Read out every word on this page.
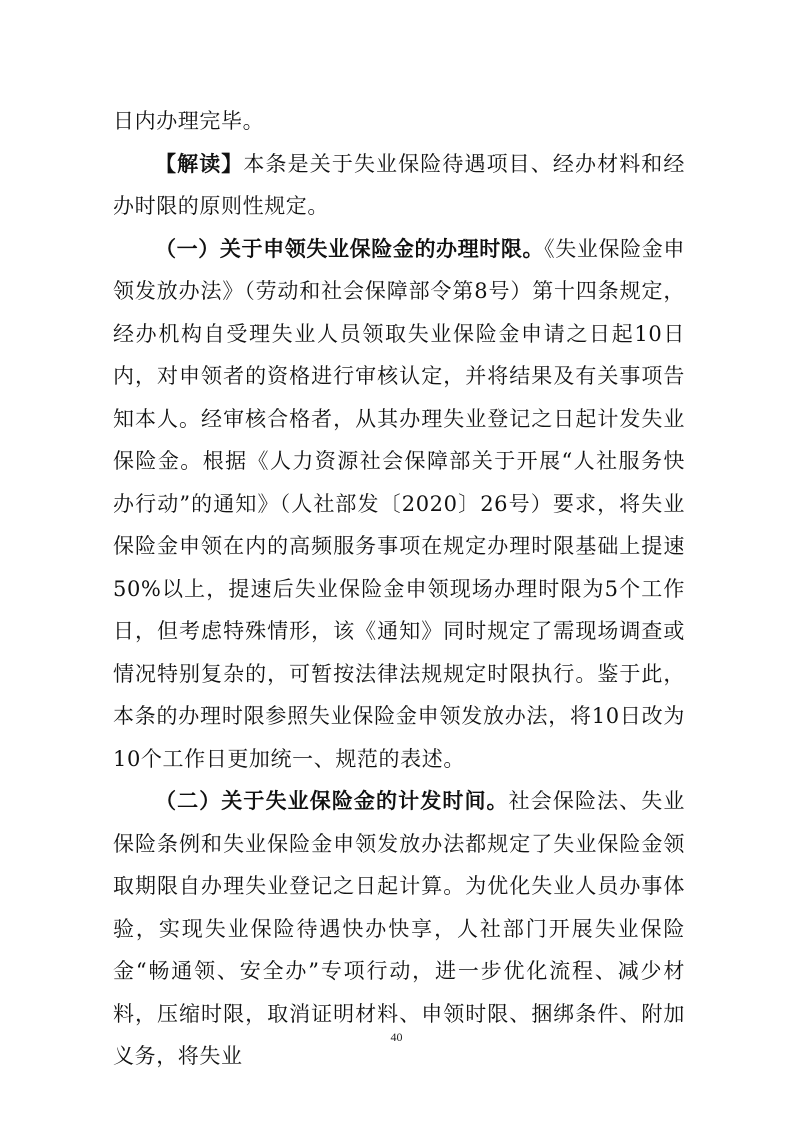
日内办理完毕。

【解读】本条是关于失业保险待遇项目、经办材料和经办时限的原则性规定。

（一）关于申领失业保险金的办理时限。《失业保险金申领发放办法》（劳动和社会保障部令第8号）第十四条规定，经办机构自受理失业人员领取失业保险金申请之日起10日内，对申领者的资格进行审核认定，并将结果及有关事项告知本人。经审核合格者，从其办理失业登记之日起计发失业保险金。根据《人力资源社会保障部关于开展“人社服务快办行动”的通知》（人社部发〔2020〕26号）要求，将失业保险金申领在内的高频服务事项在规定办理时限基础上提速50%以上，提速后失业保险金申领现场办理时限为5个工作日，但考虑特殊情形，该《通知》同时规定了需现场调查或情况特别复杂的，可暂按法律法规规定时限执行。鉴于此，本条的办理时限参照失业保险金申领发放办法，将10日改为10个工作日更加统一、规范的表述。

（二）关于失业保险金的计发时间。社会保险法、失业保险条例和失业保险金申领发放办法都规定了失业保险金领取期限自办理失业登记之日起计算。为优化失业人员办事体验，实现失业保险待遇快办快享，人社部门开展失业保险金“畅通领、安全办”专项行动，进一步优化流程、减少材料，压缩时限，取消证明材料、申领时限、捆绑条件、附加义务，将失业

40
